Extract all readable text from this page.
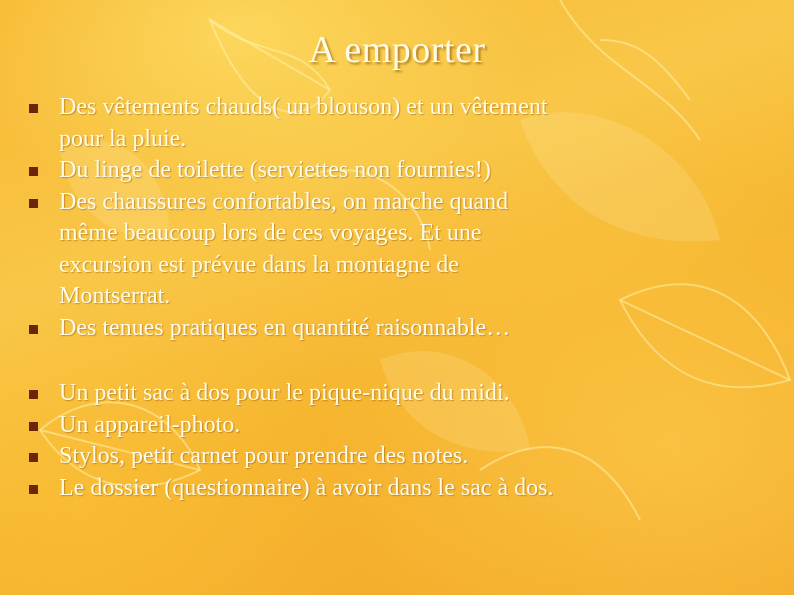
A emporter
Des vêtements chauds( un blouson) et un vêtement
pour la pluie.
Du linge de toilette (serviettes non fournies!)
Des chaussures confortables, on marche quand
même beaucoup lors de ces voyages. Et une
excursion est prévue dans la montagne de
Montserrat.
Des tenues pratiques en quantité raisonnable…
Un petit sac à dos pour le pique-nique du midi.
Un appareil-photo.
Stylos, petit carnet pour prendre des notes.
Le dossier (questionnaire) à avoir dans le sac à dos.
